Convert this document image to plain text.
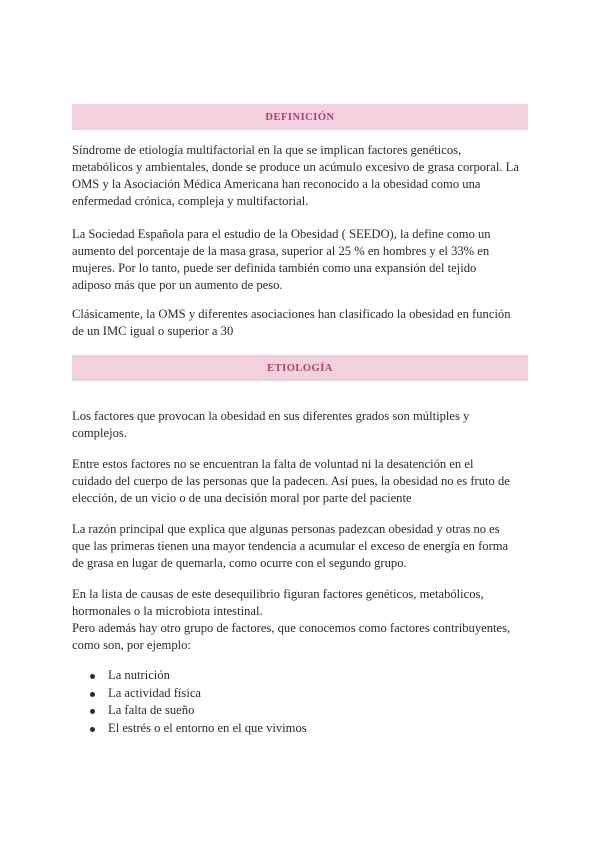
DEFINICIÓN

Síndrome de etiología multifactorial en la que se implican factores genéticos,
metabólicos y ambientales, donde se produce un acúmulo excesivo de grasa corporal. La
OMS y la Asociación Médica Americana han reconocido a la obesidad como una
enfermedad crónica, compleja y multifactorial.

La Sociedad Española para el estudio de la Obesidad ( SEEDO), la define como un
aumento del porcentaje de la masa grasa, superior al 25 % en hombres y el 33% en
mujeres. Por lo tanto, puede ser definida también como una expansión del tejido
adiposo más que por un aumento de peso.

Clásicamente, la OMS y diferentes asociaciones han clasificado la obesidad en función
de un IMC igual o superior a 30

ETIOLOGÍA

Los factores que provocan la obesidad en sus diferentes grados son múltiples y
complejos.

Entre estos factores no se encuentran la falta de voluntad ni la desatención en el
cuidado del cuerpo de las personas que la padecen. Así pues, la obesidad no es fruto de
elección, de un vicio o de una decisión moral por parte del paciente

La razón principal que explica que algunas personas padezcan obesidad y otras no es
que las primeras tienen una mayor tendencia a acumular el exceso de energía en forma
de grasa en lugar de quemarla, como ocurre con el segundo grupo.

En la lista de causas de este desequilibrio figuran factores genéticos, metabólicos,
hormonales o la microbiota intestinal.
Pero además hay otro grupo de factores, que conocemos como factores contribuyentes,
como son, por ejemplo:

La nutrición
La actividad física
La falta de sueño
El estrés o el entorno en el que vivimos
